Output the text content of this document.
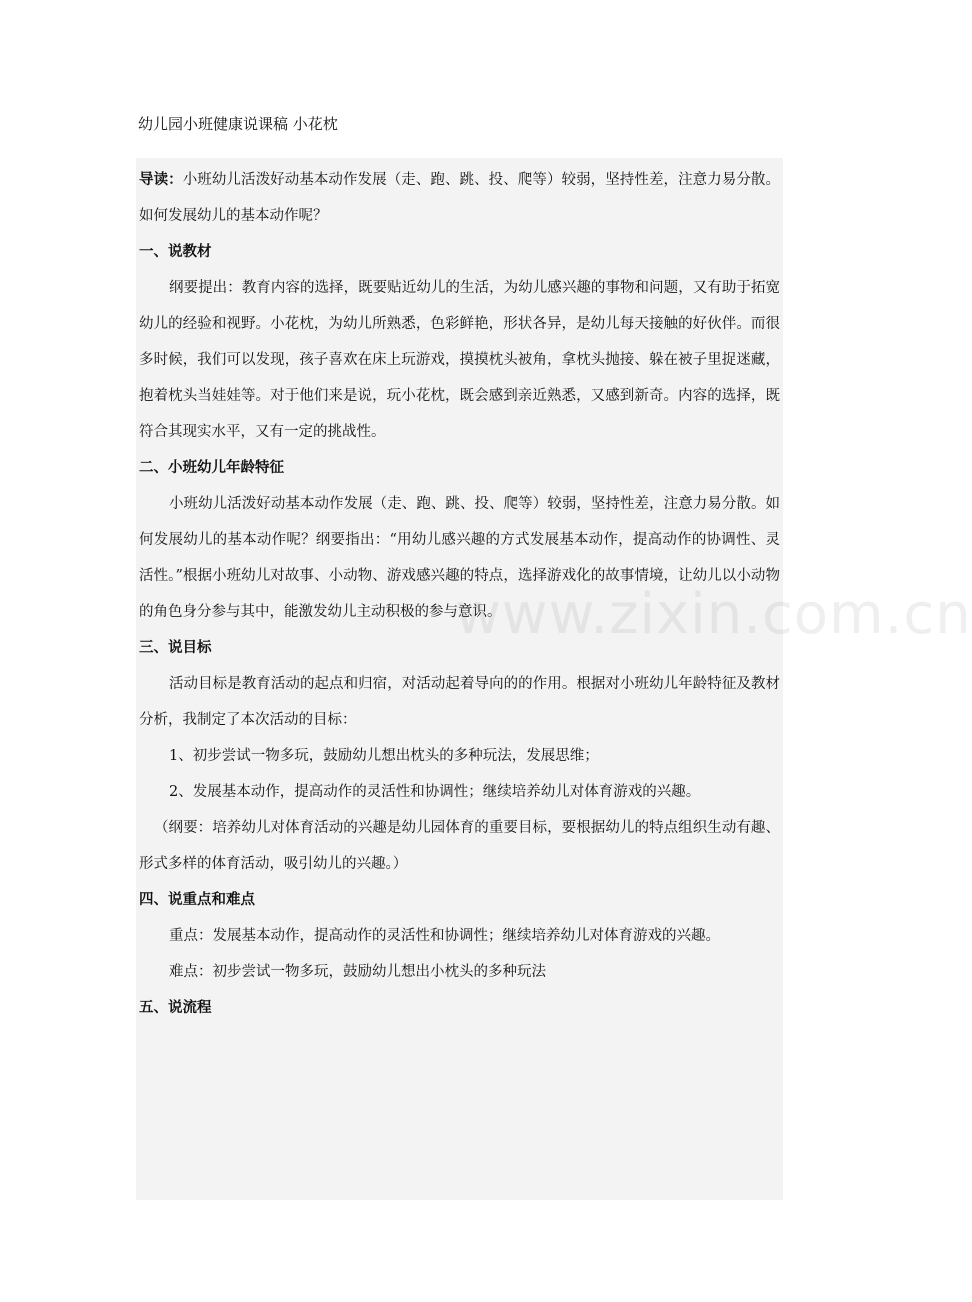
幼儿园小班健康说课稿 小花枕

导读：小班幼儿活泼好动基本动作发展（走、跑、跳、投、爬等）较弱，坚持性差，注意力易分散。如何发展幼儿的基本动作呢？

一、说教材

纲要提出：教育内容的选择，既要贴近幼儿的生活，为幼儿感兴趣的事物和问题，又有助于拓宽幼儿的经验和视野。小花枕，为幼儿所熟悉，色彩鲜艳，形状各异，是幼儿每天接触的好伙伴。而很多时候，我们可以发现，孩子喜欢在床上玩游戏，摸摸枕头被角，拿枕头抛接、躲在被子里捉迷藏，抱着枕头当娃娃等。对于他们来是说，玩小花枕，既会感到亲近熟悉，又感到新奇。内容的选择，既符合其现实水平，又有一定的挑战性。

二、小班幼儿年龄特征

小班幼儿活泼好动基本动作发展（走、跑、跳、投、爬等）较弱，坚持性差，注意力易分散。如何发展幼儿的基本动作呢？纲要指出：“用幼儿感兴趣的方式发展基本动作，提高动作的协调性、灵活性。”根据小班幼儿对故事、小动物、游戏感兴趣的特点，选择游戏化的故事情境，让幼儿以小动物的角色身分参与其中，能激发幼儿主动积极的参与意识。

三、说目标

活动目标是教育活动的起点和归宿，对活动起着导向的的作用。根据对小班幼儿年龄特征及教材分析，我制定了本次活动的目标：

1、初步尝试一物多玩，鼓励幼儿想出枕头的多种玩法，发展思维；

2、发展基本动作，提高动作的灵活性和协调性；继续培养幼儿对体育游戏的兴趣。

（纲要：培养幼儿对体育活动的兴趣是幼儿园体育的重要目标，要根据幼儿的特点组织生动有趣、形式多样的体育活动，吸引幼儿的兴趣。）

四、说重点和难点

重点：发展基本动作，提高动作的灵活性和协调性；继续培养幼儿对体育游戏的兴趣。

难点：初步尝试一物多玩，鼓励幼儿想出小枕头的多种玩法

五、说流程
